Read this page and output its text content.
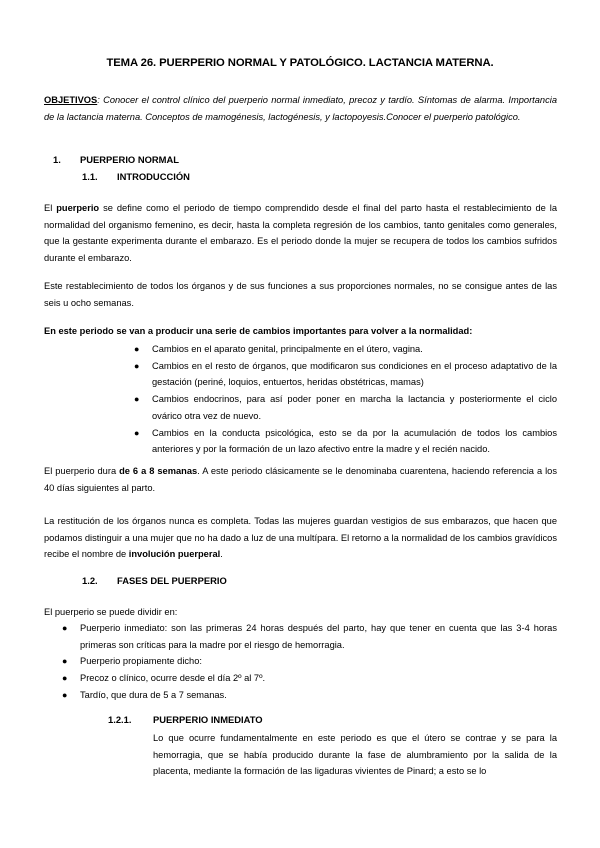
TEMA 26. PUERPERIO NORMAL Y PATOLÓGICO. LACTANCIA MATERNA.

OBJETIVOS: Conocer el control clínico del puerperio normal inmediato, precoz y tardío. Síntomas de alarma. Importancia de la lactancia materna. Conceptos de mamogénesis, lactogénesis, y lactopoyesis.Conocer el puerperio patológico.

1. PUERPERIO NORMAL
1.1. INTRODUCCIÓN

El puerperio se define como el periodo de tiempo comprendido desde el final del parto hasta el restablecimiento de la normalidad del organismo femenino, es decir, hasta la completa regresión de los cambios, tanto genitales como generales, que la gestante experimenta durante el embarazo. Es el periodo donde la mujer se recupera de todos los cambios sufridos durante el embarazo.

Este restablecimiento de todos los órganos y de sus funciones a sus proporciones normales, no se consigue antes de las seis u ocho semanas.

En este periodo se van a producir una serie de cambios importantes para volver a la normalidad:

● Cambios en el aparato genital, principalmente en el útero, vagina.
● Cambios en el resto de órganos, que modificaron sus condiciones en el proceso adaptativo de la gestación (periné, loquios, entuertos, heridas obstétricas, mamas)
● Cambios endocrinos, para así poder poner en marcha la lactancia y posteriormente el ciclo ovárico otra vez de nuevo.
● Cambios en la conducta psicológica, esto se da por la acumulación de todos los cambios anteriores y por la formación de un lazo afectivo entre la madre y el recién nacido.

El puerperio dura de 6 a 8 semanas. A este periodo clásicamente se le denominaba cuarentena, haciendo referencia a los 40 días siguientes al parto.

La restitución de los órganos nunca es completa. Todas las mujeres guardan vestigios de sus embarazos, que hacen que podamos distinguir a una mujer que no ha dado a luz de una multípara. El retorno a la normalidad de los cambios gravídicos recibe el nombre de involución puerperal.

1.2. FASES DEL PUERPERIO

El puerperio se puede dividir en:

● Puerperio inmediato: son las primeras 24 horas después del parto, hay que tener en cuenta que las 3-4 horas primeras son críticas para la madre por el riesgo de hemorragia.
● Puerperio propiamente dicho:
● Precoz o clínico, ocurre desde el día 2º al 7º.
● Tardío, que dura de 5 a 7 semanas.
1.2.1. PUERPERIO INMEDIATO

Lo que ocurre fundamentalmente en este periodo es que el útero se contrae y se para la hemorragia, que se había producido durante la fase de alumbramiento por la salida de la placenta, mediante la formación de las ligaduras vivientes de Pinard; a esto se lo
